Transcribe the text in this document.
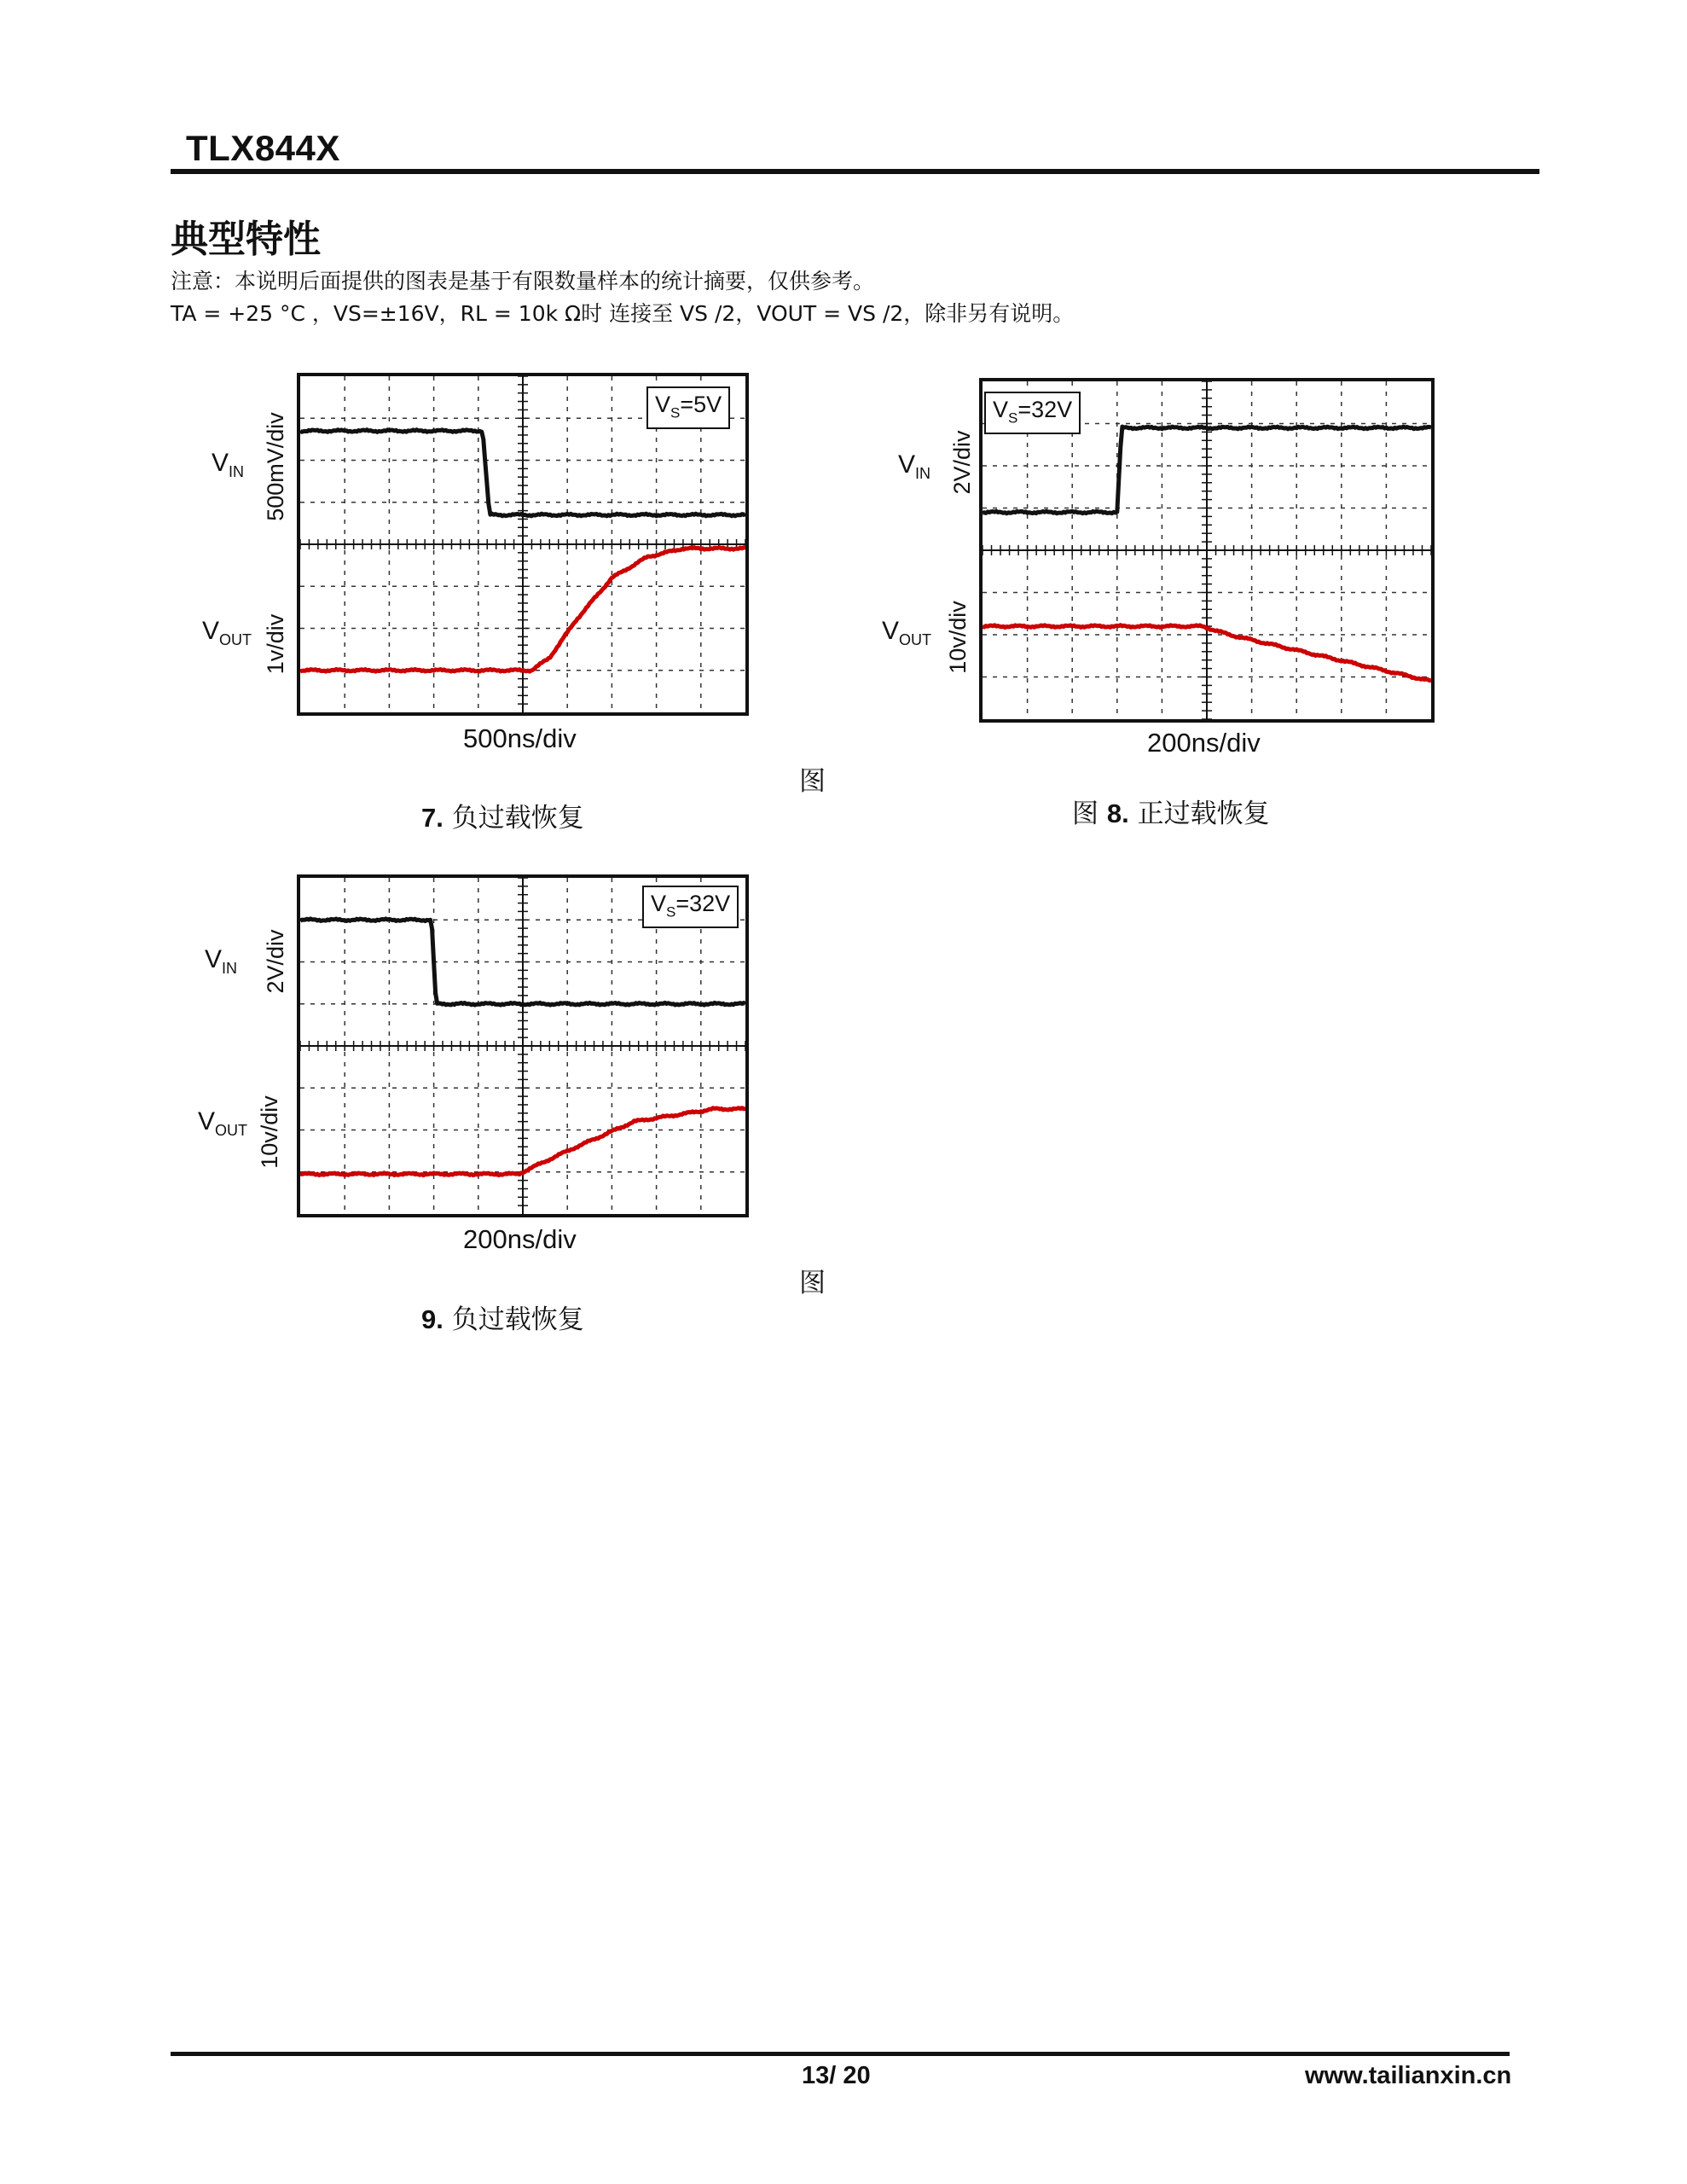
TLX844X
典型特性
注意：本说明后面提供的图表是基于有限数量样本的统计摘要，仅供参考。
TA = +25 °C ，VS=±16V，RL = 10k Ω时 连接至 VS /2，VOUT = VS /2，除非另有说明。
$V_S=5V$
$V_{IN}$
$V_{OUT}$
500mV/div
1v/div
500ns/div
图
7. 负过载恢复
$V_S=32V$
$V_{IN}$
$V_{OUT}$
2V/div
10v/div
200ns/div
图 8. 正过载恢复
$V_S=32V$
$V_{IN}$
$V_{OUT}$
2V/div
10v/div
200ns/div
图
9. 负过载恢复
13/ 20	www.tailianxin.cn
